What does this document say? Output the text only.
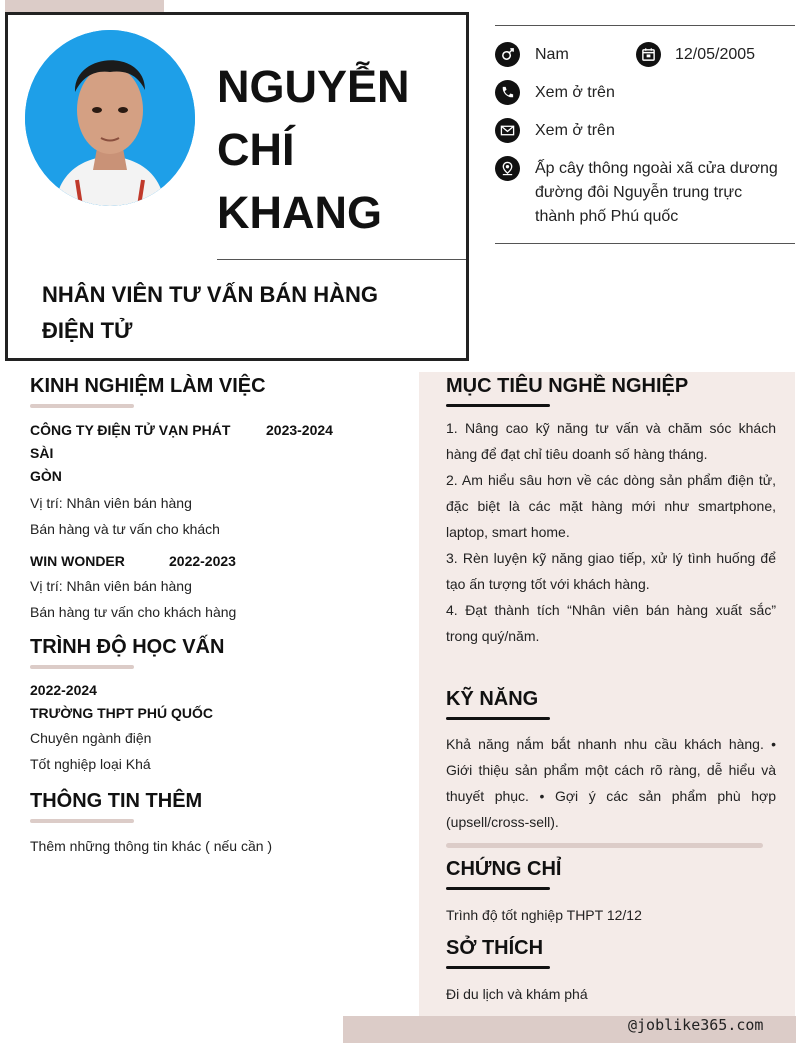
NGUYỄN
CHÍ
KHANG
NHÂN VIÊN TƯ VẤN BÁN HÀNG
ĐIỆN TỬ
Nam	12/05/2005
Xem ở trên
Xem ở trên
Ấp cây thông ngoài xã cửa dương
đường đôi Nguyễn trung trực
thành phố Phú quốc
KINH NGHIỆM LÀM VIỆC
CÔNG TY ĐIỆN TỬ VẠN PHÁT SÀI
GÒN
2023-2024
Vị trí: Nhân viên bán hàng
Bán hàng và tư vấn cho khách
WIN WONDER	2022-2023
Vị trí: Nhân viên bán hàng
Bán hàng tư vấn cho khách hàng
TRÌNH ĐỘ HỌC VẤN
2022-2024
TRƯỜNG THPT PHÚ QUỐC
Chuyên ngành điện
Tốt nghiệp loại Khá
THÔNG TIN THÊM
Thêm những thông tin khác ( nếu cần )
MỤC TIÊU NGHỀ NGHIỆP
1. Nâng cao kỹ năng tư vấn và chăm sóc khách hàng để đạt chỉ tiêu doanh số hàng tháng.
2. Am hiểu sâu hơn về các dòng sản phẩm điện tử, đặc biệt là các mặt hàng mới như smartphone, laptop, smart home.
3. Rèn luyện kỹ năng giao tiếp, xử lý tình huống để tạo ấn tượng tốt với khách hàng.
4. Đạt thành tích “Nhân viên bán hàng xuất sắc” trong quý/năm.
KỸ NĂNG
Khả năng nắm bắt nhanh nhu cầu khách hàng. • Giới thiệu sản phẩm một cách rõ ràng, dễ hiểu và thuyết phục. • Gợi ý các sản phẩm phù hợp (upsell/cross-sell).
CHỨNG CHỈ
Trình độ tốt nghiệp THPT 12/12
SỞ THÍCH
Đi du lịch và khám phá
@joblike365.com
